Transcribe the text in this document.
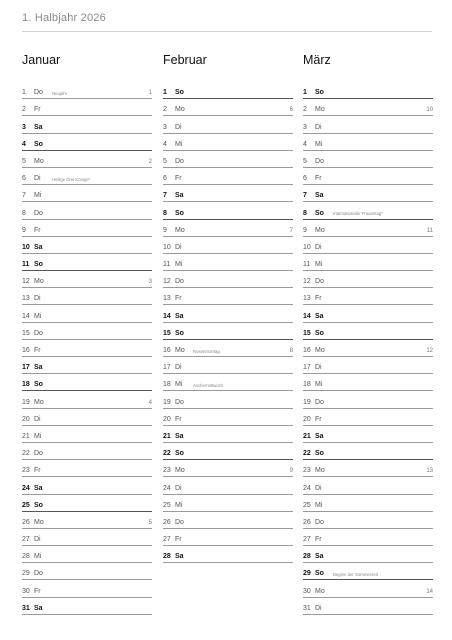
1. Halbjahr 2026
Januar
1 Do Neujahr	1
2 Fr
3 Sa
4 So
5 Mo	2
6 Di	Heilige Drei Könige*
7 Mi
8 Do
9 Fr
10 Sa
11 So
12 Mo	3
13 Di
14 Mi
15 Do
16 Fr
17 Sa
18 So
19 Mo	4
20 Di
21 Mi
22 Do
23 Fr
24 Sa
25 So
26 Mo	5
27 Di
28 Mi
29 Do
30 Fr
31 Sa
Februar
1 So
2 Mo	6
3 Di
4 Mi
5 Do
6 Fr
7 Sa
8 So
9 Mo	7
10 Di
11 Mi
12 Do
13 Fr
14 Sa
15 So
16 Mo Rosenmontag	8
17 Di
18 Mi Aschermittwoch
19 Do
20 Fr
21 Sa
22 So
23 Mo	9
24 Di
25 Mi
26 Do
27 Fr
28 Sa
März
1 So
2 Mo	10
3 Di
4 Mi
5 Do
6 Fr
7 Sa
8 So Internationaler Frauentag*
9 Mo	11
10 Di
11 Mi
12 Do
13 Fr
14 Sa
15 So
16 Mo	12
17 Di
18 Mi
19 Do
20 Fr
21 Sa
22 So
23 Mo	13
24 Di
25 Mi
26 Do
27 Fr
28 Sa
29 So Beginn der Sommerzeit
30 Mo	14
31 Di
